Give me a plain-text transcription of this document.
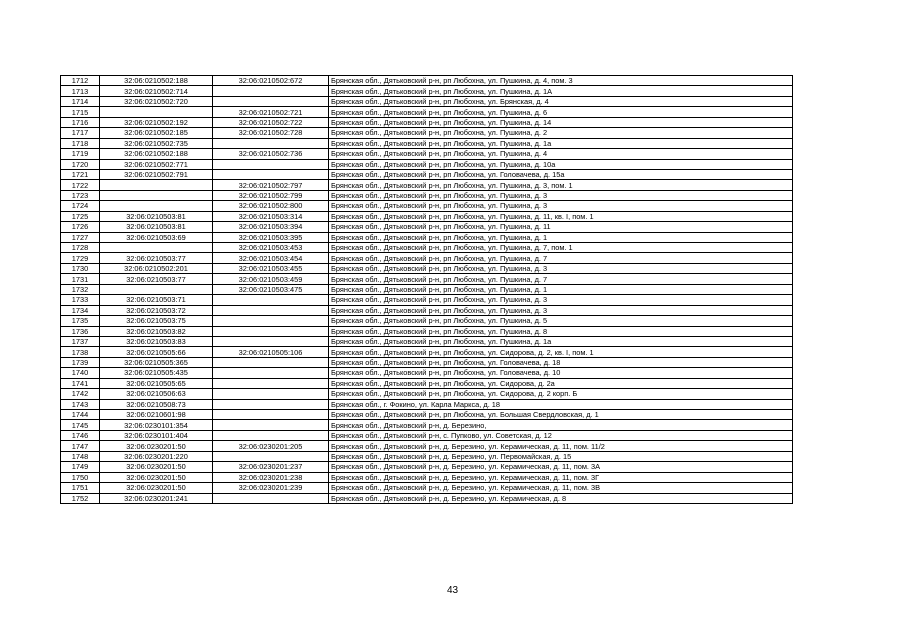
1712	32:06:0210502:188	32:06:0210502:672	Брянская обл., Дятьковский р-н, рп Любохна, ул. Пушкина, д. 4, пом. 3
1713	32:06:0210502:714		Брянская обл., Дятьковский р-н, рп Любохна, ул. Пушкина, д. 1А
1714	32:06:0210502:720		Брянская обл., Дятьковский р-н, рп Любохна, ул. Брянская, д. 4
1715		32:06:0210502:721	Брянская обл., Дятьковский р-н, рп Любохна, ул. Пушкина, д. 6
1716	32:06:0210502:192	32:06:0210502:722	Брянская обл., Дятьковский р-н, рп Любохна, ул. Пушкина, д. 14
1717	32:06:0210502:185	32:06:0210502:728	Брянская обл., Дятьковский р-н, рп Любохна, ул. Пушкина, д. 2
1718	32:06:0210502:735		Брянская обл., Дятьковский р-н, рп Любохна, ул. Пушкина, д. 1а
1719	32:06:0210502:188	32:06:0210502:736	Брянская обл., Дятьковский р-н, рп Любохна, ул. Пушкина, д. 4
1720	32:06:0210502:771		Брянская обл., Дятьковский р-н, рп Любохна, ул. Пушкина, д. 10а
1721	32:06:0210502:791		Брянская обл., Дятьковский р-н, рп Любохна, ул. Головачева, д. 15а
1722		32:06:0210502:797	Брянская обл., Дятьковский р-н, рп Любохна, ул. Пушкина, д. 3, пом. 1
1723		32:06:0210502:799	Брянская обл., Дятьковский р-н, рп Любохна, ул. Пушкина, д. 3
1724		32:06:0210502:800	Брянская обл., Дятьковский р-н, рп Любохна, ул. Пушкина, д. 3
1725	32:06:0210503:81	32:06:0210503:314	Брянская обл., Дятьковский р-н, рп Любохна, ул. Пушкина, д. 11, кв. I, пом. 1
1726	32:06:0210503:81	32:06:0210503:394	Брянская обл., Дятьковский р-н, рп Любохна, ул. Пушкина, д. 11
1727	32:06:0210503:69	32:06:0210503:395	Брянская обл., Дятьковский р-н, рп Любохна, ул. Пушкина, д. 1
1728		32:06:0210503:453	Брянская обл., Дятьковский р-н, рп Любохна, ул. Пушкина, д. 7, пом. 1
1729	32:06:0210503:77	32:06:0210503:454	Брянская обл., Дятьковский р-н, рп Любохна, ул. Пушкина, д. 7
1730	32:06:0210502:201	32:06:0210503:455	Брянская обл., Дятьковский р-н, рп Любохна, ул. Пушкина, д. 3
1731	32:06:0210503:77	32:06:0210503:459	Брянская обл., Дятьковский р-н, рп Любохна, ул. Пушкина, д. 7
1732		32:06:0210503:475	Брянская обл., Дятьковский р-н, рп Любохна, ул. Пушкина, д. 1
1733	32:06:0210503:71		Брянская обл., Дятьковский р-н, рп Любохна, ул. Пушкина, д. 3
1734	32:06:0210503:72		Брянская обл., Дятьковский р-н, рп Любохна, ул. Пушкина, д. 3
1735	32:06:0210503:75		Брянская обл., Дятьковский р-н, рп Любохна, ул. Пушкина, д. 5
1736	32:06:0210503:82		Брянская обл., Дятьковский р-н, рп Любохна, ул. Пушкина, д. 8
1737	32:06:0210503:83		Брянская обл., Дятьковский р-н, рп Любохна, ул. Пушкина, д. 1а
1738	32:06:0210505:66	32:06:0210505:106	Брянская обл., Дятьковский р-н, рп Любохна, ул. Сидорова, д. 2, кв. I, пом. 1
1739	32:06:0210505:365		Брянская обл., Дятьковский р-н, рп Любохна, ул. Головачева, д. 18
1740	32:06:0210505:435		Брянская обл., Дятьковский р-н, рп Любохна, ул. Головачева, д. 10
1741	32:06:0210505:65		Брянская обл., Дятьковский р-н, рп Любохна, ул. Сидорова, д. 2а
1742	32:06:0210506:63		Брянская обл., Дятьковский р-н, рп Любохна, ул. Сидорова, д. 2 корп. Б
1743	32:06:0210508:73		Брянская обл., г. Фокино, ул. Карла Маркса, д. 18
1744	32:06:0210601:98		Брянская обл., Дятьковский р-н, рп Любохна, ул. Большая Свердловская, д. 1
1745	32:06:0230101:354		Брянская обл., Дятьковский р-н, д. Березино,
1746	32:06:0230101:404		Брянская обл., Дятьковский р-н, с. Пупково, ул. Советская, д. 12
1747	32:06:0230201:50	32:06:0230201:205	Брянская обл., Дятьковский р-н, д. Березино, ул. Керамическая, д. 11, пом. 11/2
1748	32:06:0230201:220		Брянская обл., Дятьковский р-н, д. Березино, ул. Первомайская, д. 15
1749	32:06:0230201:50	32:06:0230201:237	Брянская обл., Дятьковский р-н, д. Березино, ул. Керамическая, д. 11, пом. 3А
1750	32:06:0230201:50	32:06:0230201:238	Брянская обл., Дятьковский р-н, д. Березино, ул. Керамическая, д. 11, пом. 3Г
1751	32:06:0230201:50	32:06:0230201:239	Брянская обл., Дятьковский р-н, д. Березино, ул. Керамическая, д. 11, пом. 3В
1752	32:06:0230201:241		Брянская обл., Дятьковский р-н, д. Березино, ул. Керамическая, д. 8
43
